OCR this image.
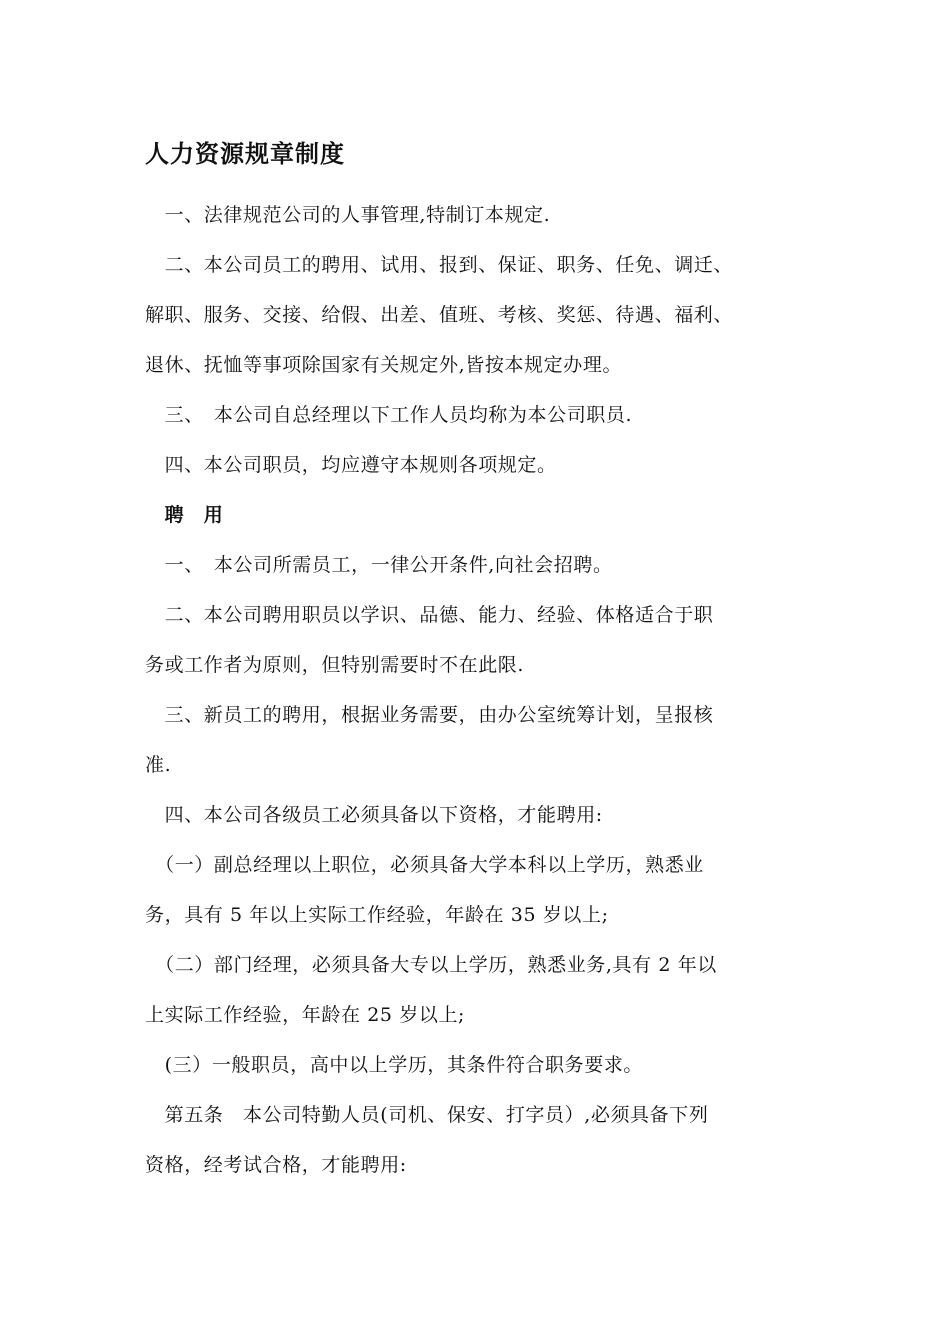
人力资源规章制度
　一、法律规范公司的人事管理,特制订本规定.
　二、本公司员工的聘用、试用、报到、保证、职务、任免、调迁、
解职、服务、交接、给假、出差、值班、考核、奖惩、待遇、福利、
退休、抚恤等事项除国家有关规定外,皆按本规定办理。
　三、　本公司自总经理以下工作人员均称为本公司职员.
　四、本公司职员，均应遵守本规则各项规定。
　聘　用
　一、　本公司所需员工，一律公开条件,向社会招聘。
　二、本公司聘用职员以学识、品德、能力、经验、体格适合于职
务或工作者为原则，但特别需要时不在此限.
　三、新员工的聘用，根据业务需要，由办公室统筹计划，呈报核
准.
　四、本公司各级员工必须具备以下资格，才能聘用:
　（一）副总经理以上职位，必须具备大学本科以上学历，熟悉业
务，具有 5 年以上实际工作经验，年龄在 35 岁以上;
　（二）部门经理，必须具备大专以上学历，熟悉业务,具有 2 年以
上实际工作经验，年龄在 25 岁以上;
　(三）一般职员，高中以上学历，其条件符合职务要求。
　第五条　本公司特勤人员(司机、保安、打字员）,必须具备下列
资格，经考试合格，才能聘用:
